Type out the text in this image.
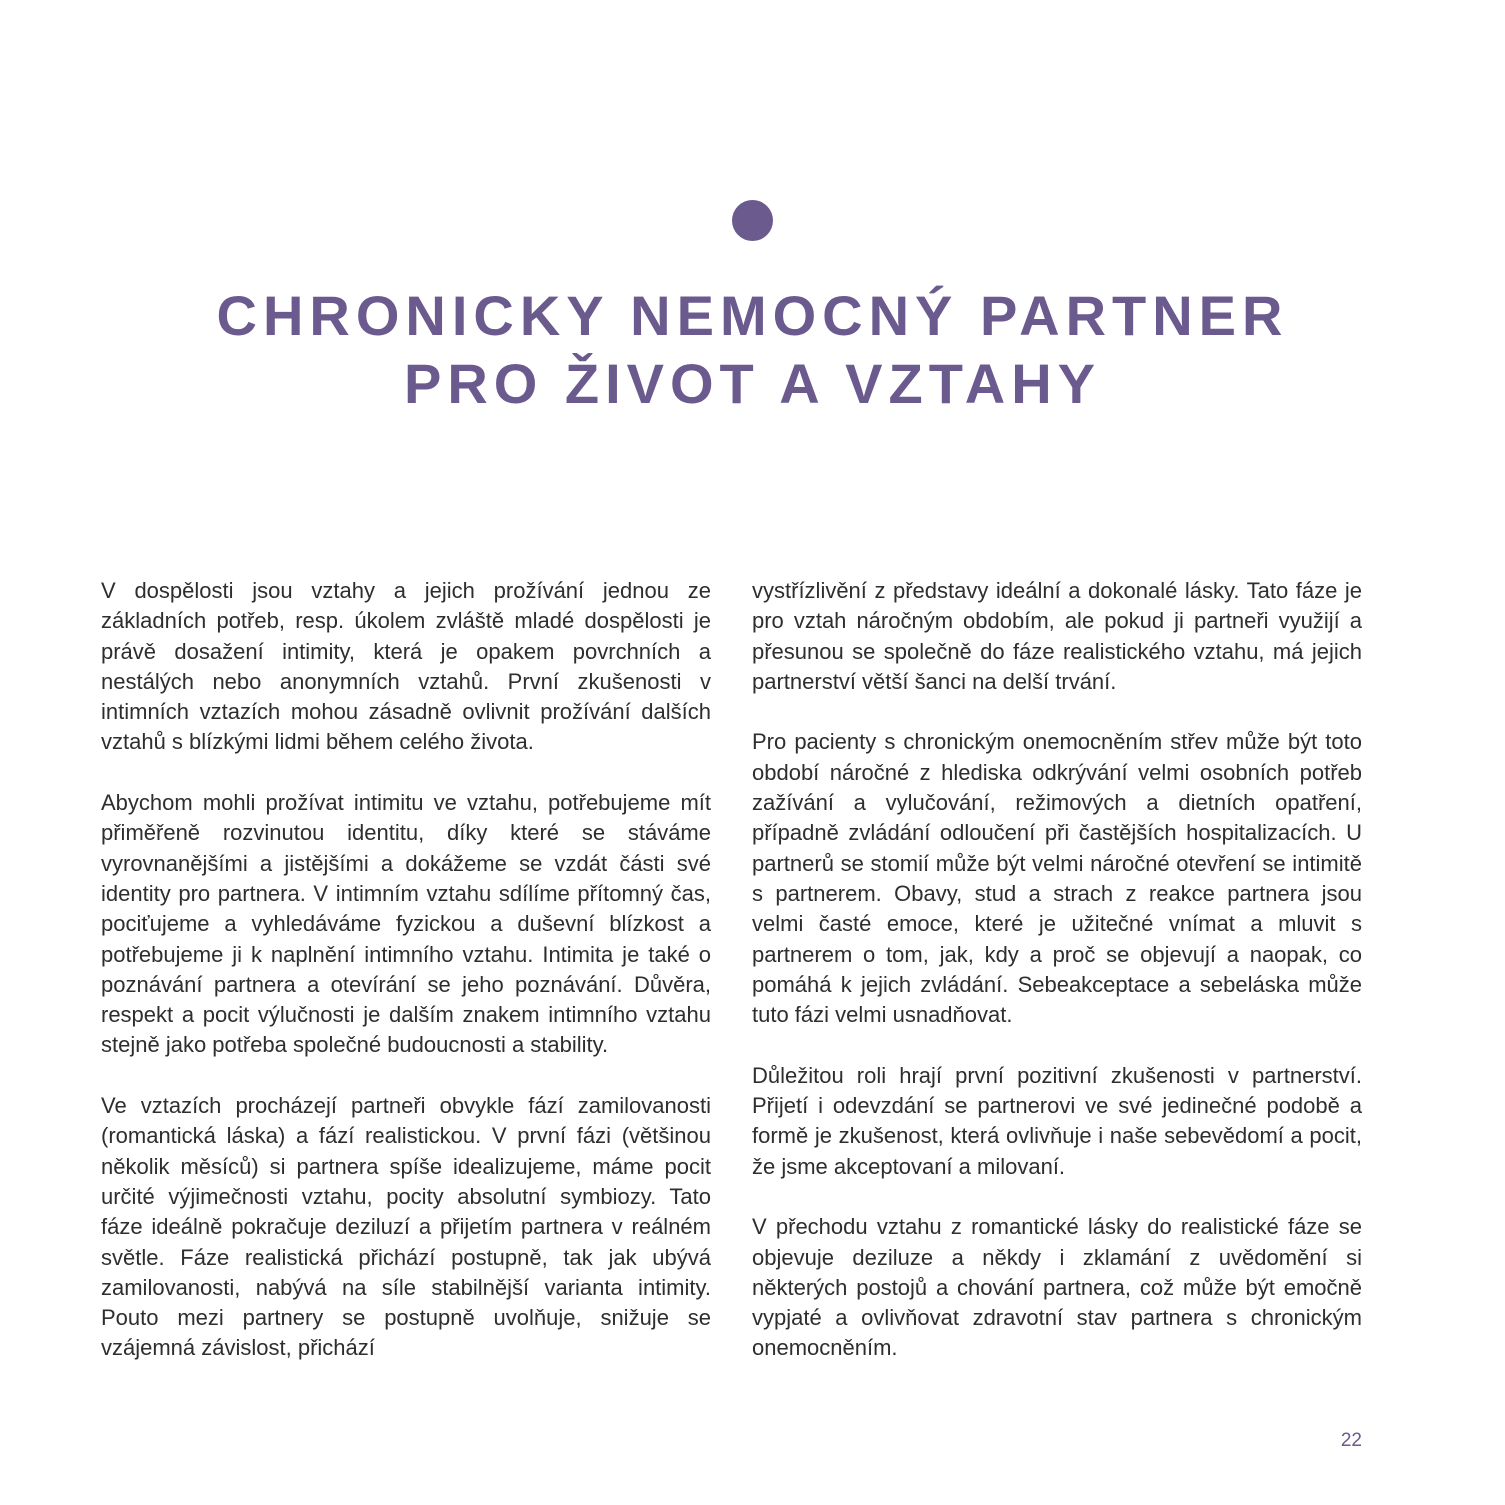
CHRONICKY NEMOCNÝ PARTNER
PRO ŽIVOT A VZTAHY

V dospělosti jsou vztahy a jejich prožívání jednou ze základních potřeb, resp. úkolem zvláště mladé dospělosti je právě dosažení intimity, která je opakem povrchních a nestálých nebo anonymních vztahů. První zkušenosti v intimních vztazích mohou zásadně ovlivnit prožívání dalších vztahů s blízkými lidmi během celého života.

Abychom mohli prožívat intimitu ve vztahu, potřebujeme mít přiměřeně rozvinutou identitu, díky které se stáváme vyrovnanějšími a jistějšími a dokážeme se vzdát části své identity pro partnera. V intimním vztahu sdílíme přítomný čas, pociťujeme a vyhledáváme fyzickou a duševní blízkost a potřebujeme ji k naplnění intimního vztahu. Intimita je také o poznávání partnera a otevírání se jeho poznávání. Důvěra, respekt a pocit výlučnosti je dalším znakem intimního vztahu stejně jako potřeba společné budoucnosti a stability.

Ve vztazích procházejí partneři obvykle fází zamilovanosti (romantická láska) a fází realistickou. V první fázi (většinou několik měsíců) si partnera spíše idealizujeme, máme pocit určité výjimečnosti vztahu, pocity absolutní symbiozy. Tato fáze ideálně pokračuje deziluzí a přijetím partnera v reálném světle. Fáze realistická přichází postupně, tak jak ubývá zamilovanosti, nabývá na síle stabilnější varianta intimity. Pouto mezi partnery se postupně uvolňuje, snižuje se vzájemná závislost, přichází

vystřízlivění z představy ideální a dokonalé lásky. Tato fáze je pro vztah náročným obdobím, ale pokud ji partneři využijí a přesunou se společně do fáze realistického vztahu, má jejich partnerství větší šanci na delší trvání.

Pro pacienty s chronickým onemocněním střev může být toto období náročné z hlediska odkrývání velmi osobních potřeb zažívání a vylučování, režimových a dietních opatření, případně zvládání odloučení při častějších hospitalizacích. U partnerů se stomií může být velmi náročné otevření se intimitě s partnerem. Obavy, stud a strach z reakce partnera jsou velmi časté emoce, které je užitečné vnímat a mluvit s partnerem o tom, jak, kdy a proč se objevují a naopak, co pomáhá k jejich zvládání. Sebeakceptace a sebeláska může tuto fázi velmi usnadňovat.

Důležitou roli hrají první pozitivní zkušenosti v partnerství. Přijetí i odevzdání se partnerovi ve své jedinečné podobě a formě je zkušenost, která ovlivňuje i naše sebevědomí a pocit, že jsme akceptovaní a milovaní.

V přechodu vztahu z romantické lásky do realistické fáze se objevuje deziluze a někdy i zklamání z uvědomění si některých postojů a chování partnera, což může být emočně vypjaté a ovlivňovat zdravotní stav partnera s chronickým onemocněním.

22
